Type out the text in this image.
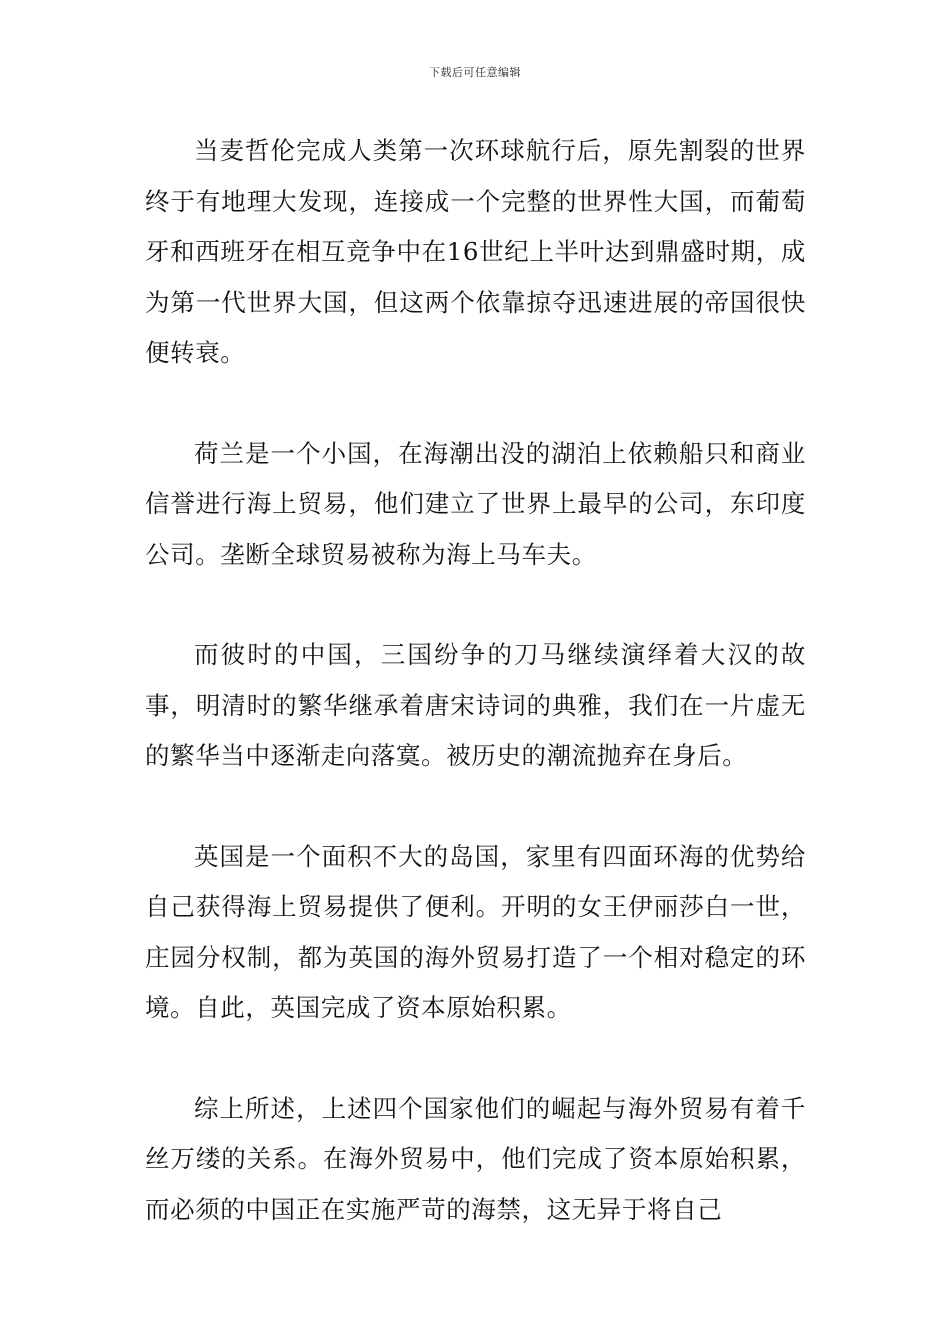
下载后可任意编辑

当麦哲伦完成人类第一次环球航行后，原先割裂的世界终于有地理大发现，连接成一个完整的世界性大国，而葡萄牙和西班牙在相互竞争中在16世纪上半叶达到鼎盛时期，成为第一代世界大国，但这两个依靠掠夺迅速进展的帝国很快便转衰。

荷兰是一个小国，在海潮出没的湖泊上依赖船只和商业信誉进行海上贸易，他们建立了世界上最早的公司，东印度公司。垄断全球贸易被称为海上马车夫。

而彼时的中国，三国纷争的刀马继续演绎着大汉的故事，明清时的繁华继承着唐宋诗词的典雅，我们在一片虚无的繁华当中逐渐走向落寞。被历史的潮流抛弃在身后。

英国是一个面积不大的岛国，家里有四面环海的优势给自己获得海上贸易提供了便利。开明的女王伊丽莎白一世，庄园分权制，都为英国的海外贸易打造了一个相对稳定的环境。自此，英国完成了资本原始积累。

综上所述，上述四个国家他们的崛起与海外贸易有着千丝万缕的关系。在海外贸易中，他们完成了资本原始积累，而必须的中国正在实施严苛的海禁，这无异于将自己
